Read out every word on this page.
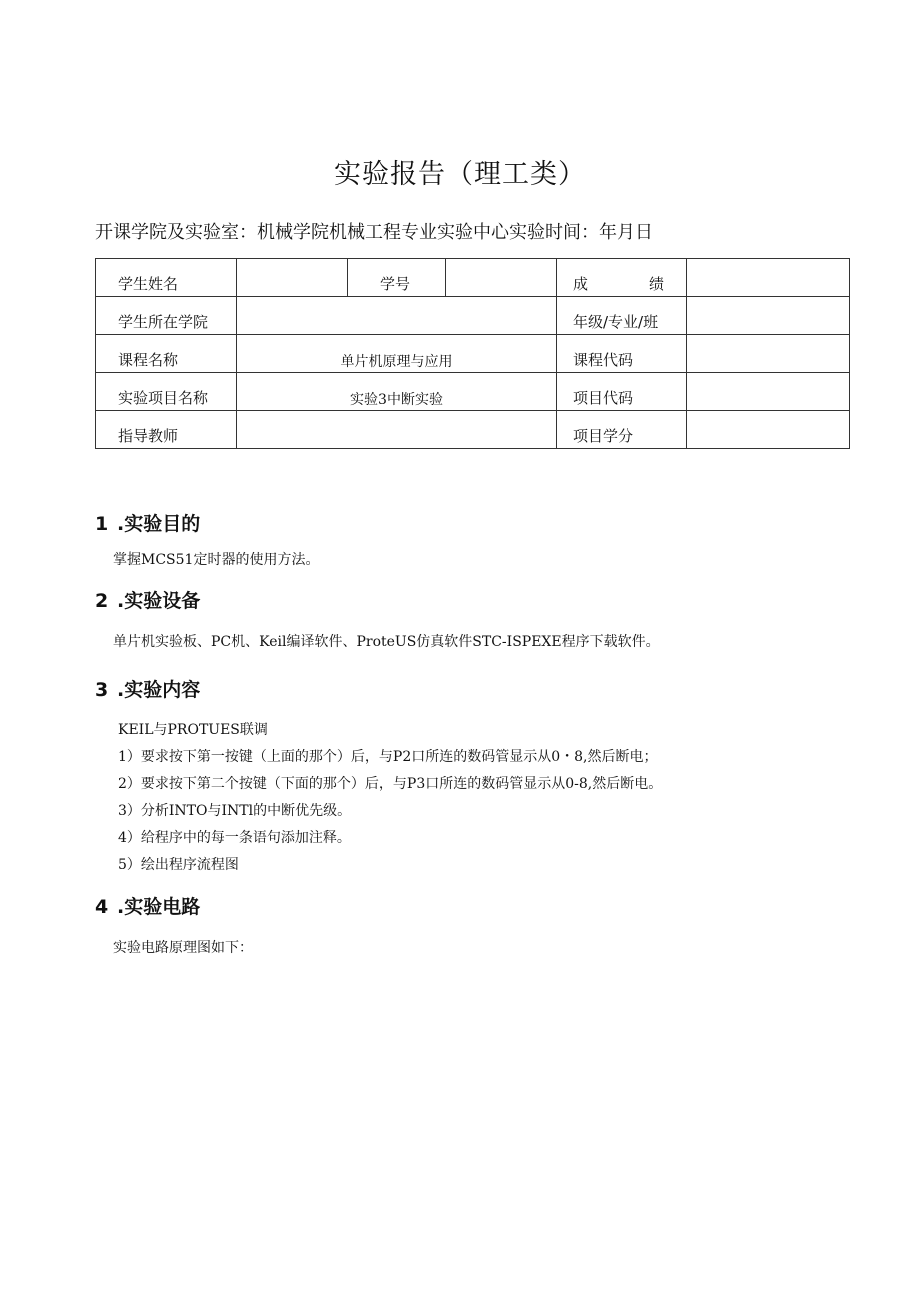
实验报告（理工类）
开课学院及实验室：机械学院机械工程专业实验中心实验时间：年月日
学生姓名		学号		成 绩	

学生所在学院				年级/专业/班	
课程名称	单片机原理与应用			课程代码	
实验项目名称	实验3中断实验			项目代码	
指导教师				项目学分	
1 .实验目的
掌握MCS51定时器的使用方法。
2 .实验设备
单片机实验板、PC机、Keil编译软件、ProteUS仿真软件STC-ISPEXE程序下载软件。
3 .实验内容
KEIL与PROTUES联调
1）要求按下第一按键（上面的那个）后，与P2口所连的数码管显示从0・8,然后断电；
2）要求按下第二个按键（下面的那个）后，与P3口所连的数码管显示从0-8,然后断电。
3）分析INTO与INTl的中断优先级。
4）给程序中的每一条语句添加注释。
5）绘出程序流程图
4 .实验电路
实验电路原理图如下：
